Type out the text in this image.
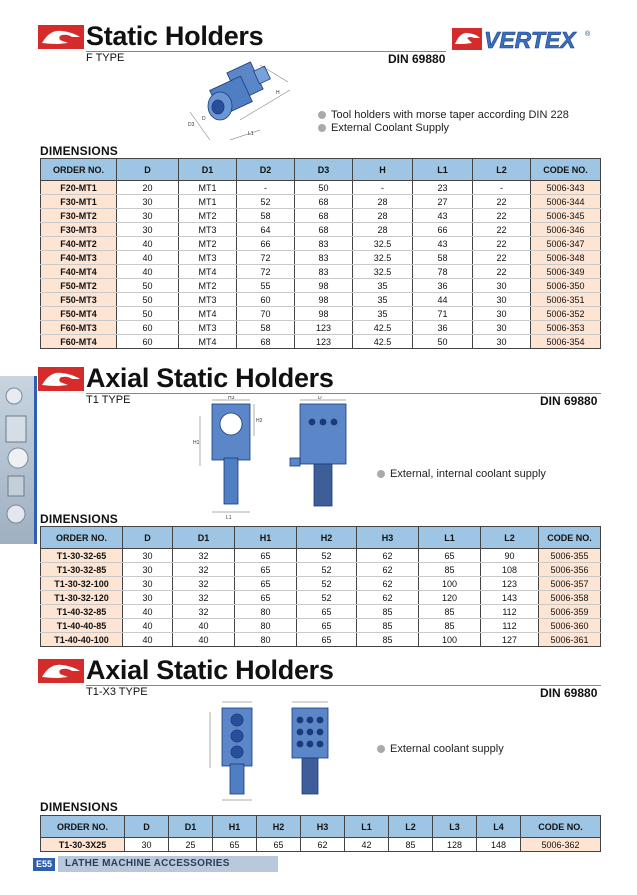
Static Holders
F TYPE	DIN 69880
VERTEX ®
D3
L1
H
D	Tool holders with morse taper according DIN 228
External Coolant Supply
DIMENSIONS
ORDER NO.	D	D1	D2	D3	H	L1	L2	CODE NO.
F20-MT1	20	MT1	-	50	-	23	-	5006-343
F30-MT1	30	MT1	52	68	28	27	22	5006-344
F30-MT2	30	MT2	58	68	28	43	22	5006-345
F30-MT3	30	MT3	64	68	28	66	22	5006-346
F40-MT2	40	MT2	66	83	32.5	43	22	5006-347
F40-MT3	40	MT3	72	83	32.5	58	22	5006-348
F40-MT4	40	MT4	72	83	32.5	78	22	5006-349
F50-MT2	50	MT2	55	98	35	36	30	5006-350
F50-MT3	50	MT3	60	98	35	44	30	5006-351
F50-MT4	50	MT4	70	98	35	71	30	5006-352
F60-MT3	60	MT3	58	123	42.5	36	30	5006-353
F60-MT4	60	MT4	68	123	42.5	50	30	5006-354
Axial Static Holders
T1 TYPE	DIN 69880
H3
H1
H2
L1
D
External, internal coolant supply
DIMENSIONS
ORDER NO.	D	D1	H1	H2	H3	L1	L2	CODE NO.
T1-30-32-65	30	32	65	52	62	65	90	5006-355
T1-30-32-85	30	32	65	52	62	85	108	5006-356
T1-30-32-100	30	32	65	52	62	100	123	5006-357
T1-30-32-120	30	32	65	52	62	120	143	5006-358
T1-40-32-85	40	32	80	65	85	85	112	5006-359
T1-40-40-85	40	40	80	65	85	85	112	5006-360
T1-40-40-100	40	40	80	65	85	100	127	5006-361
Axial Static Holders
T1-X3 TYPE	DIN 69880
External coolant supply
DIMENSIONS
ORDER NO.	D	D1	H1	H2	H3	L1	L2	L3	L4	CODE NO.
T1-30-3X25	30	25	65	65	62	42	85	128	148	5006-362
E55	LATHE MACHINE ACCESSORIES
